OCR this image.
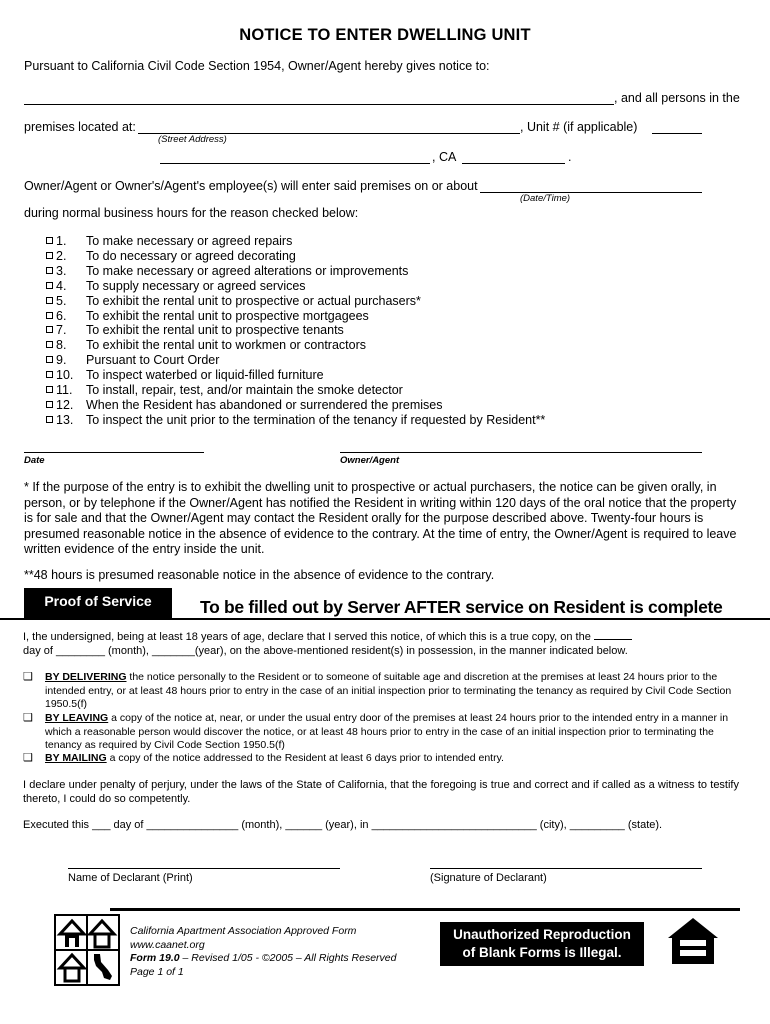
NOTICE TO ENTER DWELLING UNIT
Pursuant to California Civil Code Section 1954, Owner/Agent hereby gives notice to:
, and all persons in the
premises located at:	, Unit # (if applicable)
(Street Address)
, CA	.
Owner/Agent or Owner's/Agent's employee(s) will enter said premises on or about
(Date/Time)
during normal business hours for the reason checked below:
1. To make necessary or agreed repairs
2. To do necessary or agreed decorating
3. To make necessary or agreed alterations or improvements
4. To supply necessary or agreed services
5. To exhibit the rental unit to prospective or actual purchasers*
6. To exhibit the rental unit to prospective mortgagees
7. To exhibit the rental unit to prospective tenants
8. To exhibit the rental unit to workmen or contractors
9. Pursuant to Court Order
10. To inspect waterbed or liquid-filled furniture
11. To install, repair, test, and/or maintain the smoke detector
12. When the Resident has abandoned or surrendered the premises
13. To inspect the unit prior to the termination of the tenancy if requested by Resident**
Date	Owner/Agent
* If the purpose of the entry is to exhibit the dwelling unit to prospective or actual purchasers, the notice can be given orally, in person, or by telephone if the Owner/Agent has notified the Resident in writing within 120 days of the oral notice that the property is for sale and that the Owner/Agent may contact the Resident orally for the purpose described above. Twenty-four hours is presumed reasonable notice in the absence of evidence to the contrary. At the time of entry, the Owner/Agent is required to leave written evidence of the entry inside the unit.
**48 hours is presumed reasonable notice in the absence of evidence to the contrary.
Proof of Service	To be filled out by Server AFTER service on Resident is complete
I, the undersigned, being at least 18 years of age, declare that I served this notice, of which this is a true copy, on the
day of ________ (month), _______(year), on the above-mentioned resident(s) in possession, in the manner indicated below.
❑ BY DELIVERING the notice personally to the Resident or to someone of suitable age and discretion at the premises at least 24 hours prior to the intended entry, or at least 48 hours prior to entry in the case of an initial inspection prior to terminating the tenancy as required by Civil Code Section 1950.5(f)
❑ BY LEAVING a copy of the notice at, near, or under the usual entry door of the premises at least 24 hours prior to the intended entry in a manner in which a reasonable person would discover the notice, or at least 48 hours prior to entry in the case of an initial inspection prior to terminating the tenancy as required by Civil Code Section 1950.5(f)
❑ BY MAILING a copy of the notice addressed to the Resident at least 6 days prior to intended entry.
I declare under penalty of perjury, under the laws of the State of California, that the foregoing is true and correct and if called as a witness to testify thereto, I could do so competently.
Executed this ___ day of _______________ (month), ______ (year), in ___________________________ (city), _________ (state).
Name of Declarant (Print)	(Signature of Declarant)
California Apartment Association Approved Form
www.caanet.org
Form 19.0 – Revised 1/05 - ©2005 – All Rights Reserved
Page 1 of 1
Unauthorized Reproduction
of Blank Forms is Illegal.
